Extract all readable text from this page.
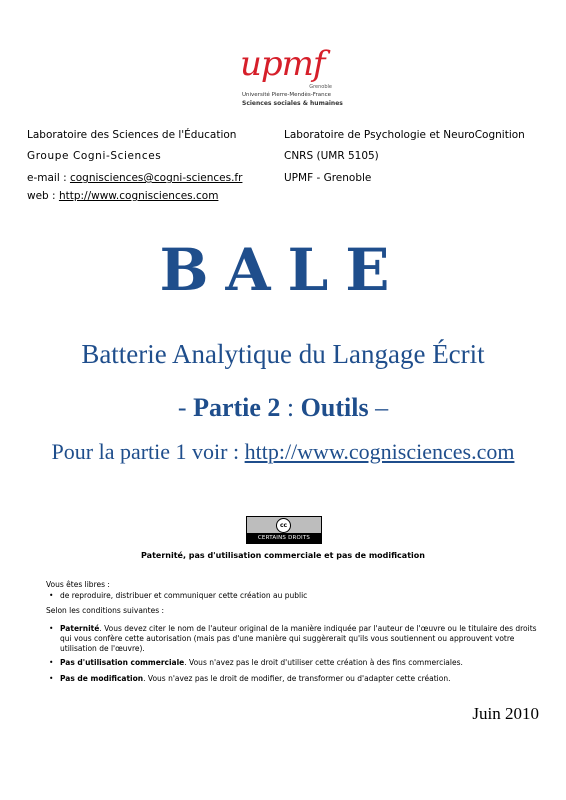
upmf
Grenoble
Université Pierre-Mendès-France
Sciences sociales & humaines
Laboratoire des Sciences de l'Éducation
Groupe Cogni-Sciences
e-mail : cognisciences@cogni-sciences.fr
web : http://www.cognisciences.com
Laboratoire de Psychologie et NeuroCognition
CNRS (UMR 5105)
UPMF - Grenoble
BALE
Batterie Analytique du Langage Écrit
- Partie 2 : Outils –
Pour la partie 1 voir : http://www.cognisciences.com
cc
CERTAINS DROITS RÉSERVÉS
Paternité, pas d'utilisation commerciale et pas de modification
Vous êtes libres :
• de reproduire, distribuer et communiquer cette création au public
Selon les conditions suivantes :
• Paternité. Vous devez citer le nom de l'auteur original de la manière indiquée par l'auteur de l'œuvre ou le titulaire des droits qui vous confère cette autorisation (mais pas d'une manière qui suggèrerait qu'ils vous soutiennent ou approuvent votre utilisation de l'œuvre).
• Pas d'utilisation commerciale. Vous n'avez pas le droit d'utiliser cette création à des fins commerciales.
• Pas de modification. Vous n'avez pas le droit de modifier, de transformer ou d'adapter cette création.
Juin 2010
